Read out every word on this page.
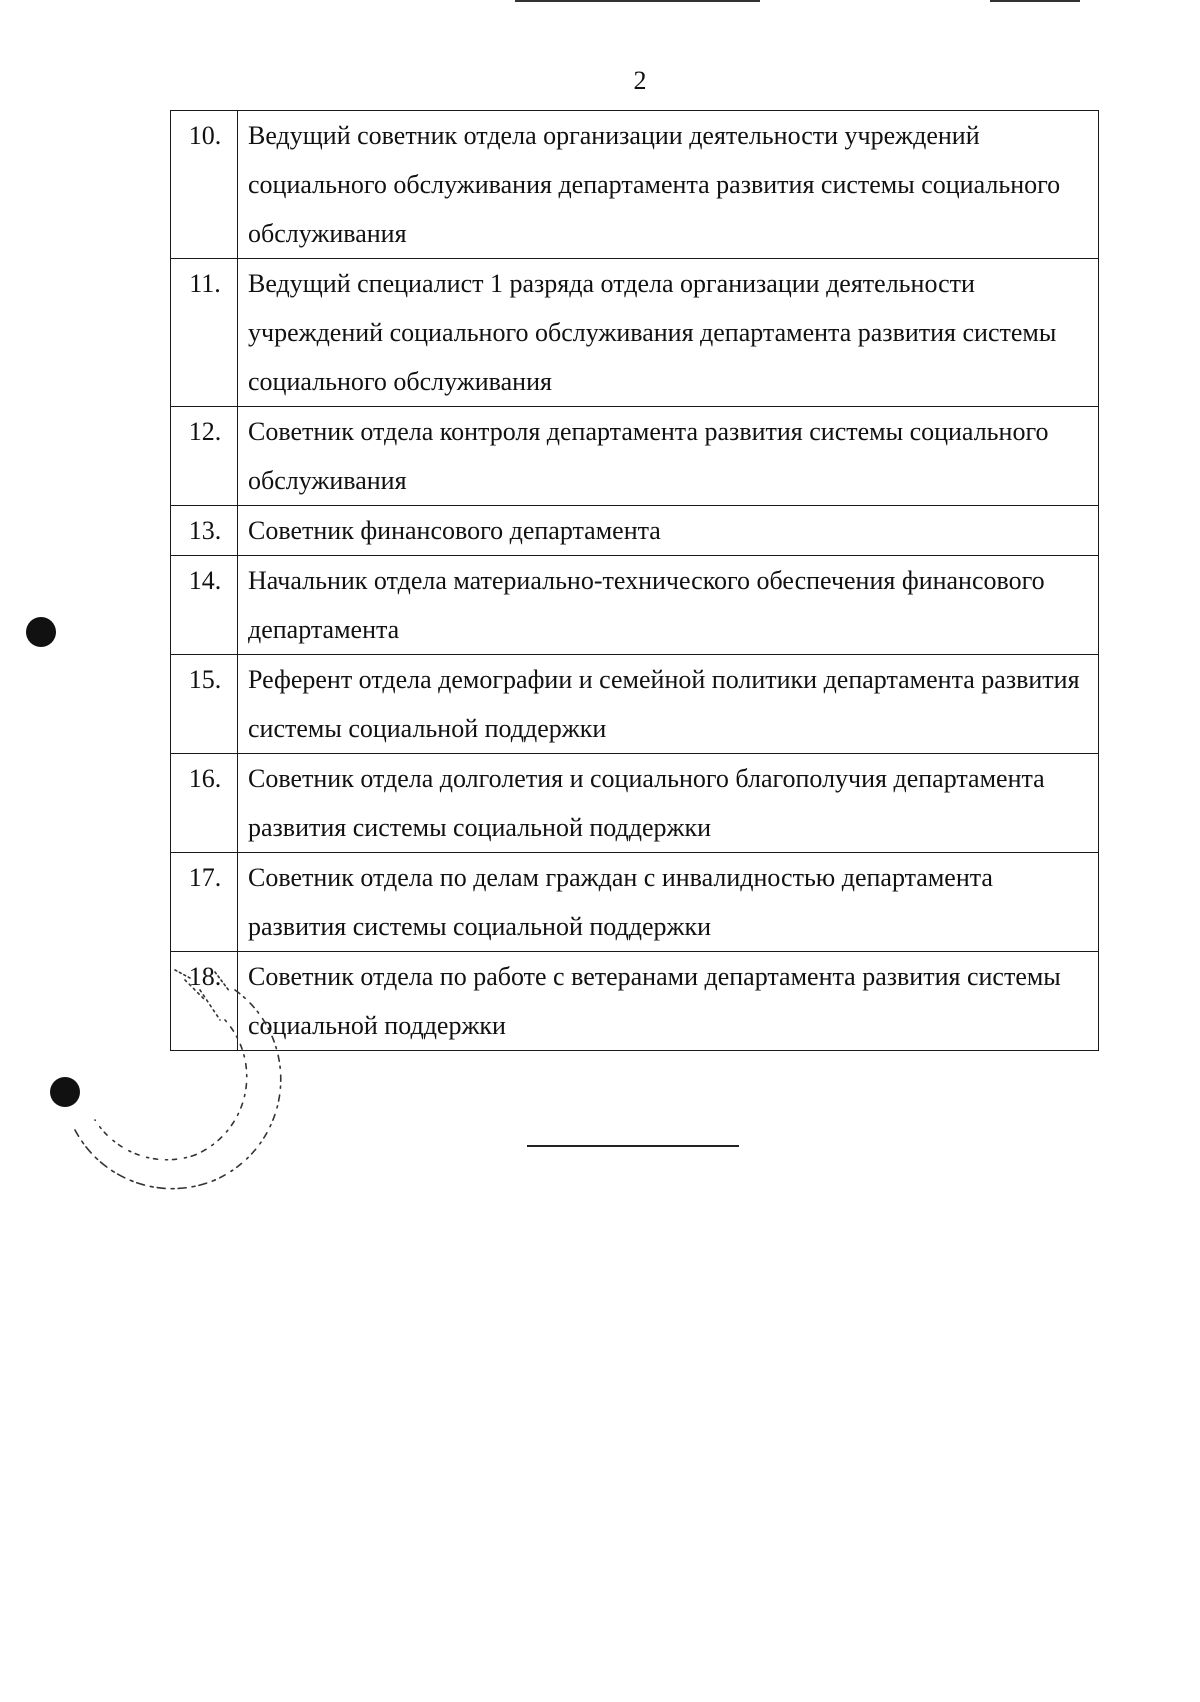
2
10.	Ведущий советник отдела организации деятельности учреждений социального обслуживания департамента развития системы социального обслуживания
11.	Ведущий специалист 1 разряда отдела организации деятельности учреждений социального обслуживания департамента развития системы социального обслуживания
12.	Советник отдела контроля департамента развития системы социального обслуживания
13.	Советник финансового департамента
14.	Начальник отдела материально-технического обеспечения финансового департамента
15.	Референт отдела демографии и семейной политики департамента развития системы социальной поддержки
16.	Советник отдела долголетия и социального благополучия департамента развития системы социальной поддержки
17.	Советник отдела по делам граждан с инвалидностью департамента развития системы социальной поддержки
18.	Советник отдела по работе с ветеранами департамента развития системы социальной поддержки
